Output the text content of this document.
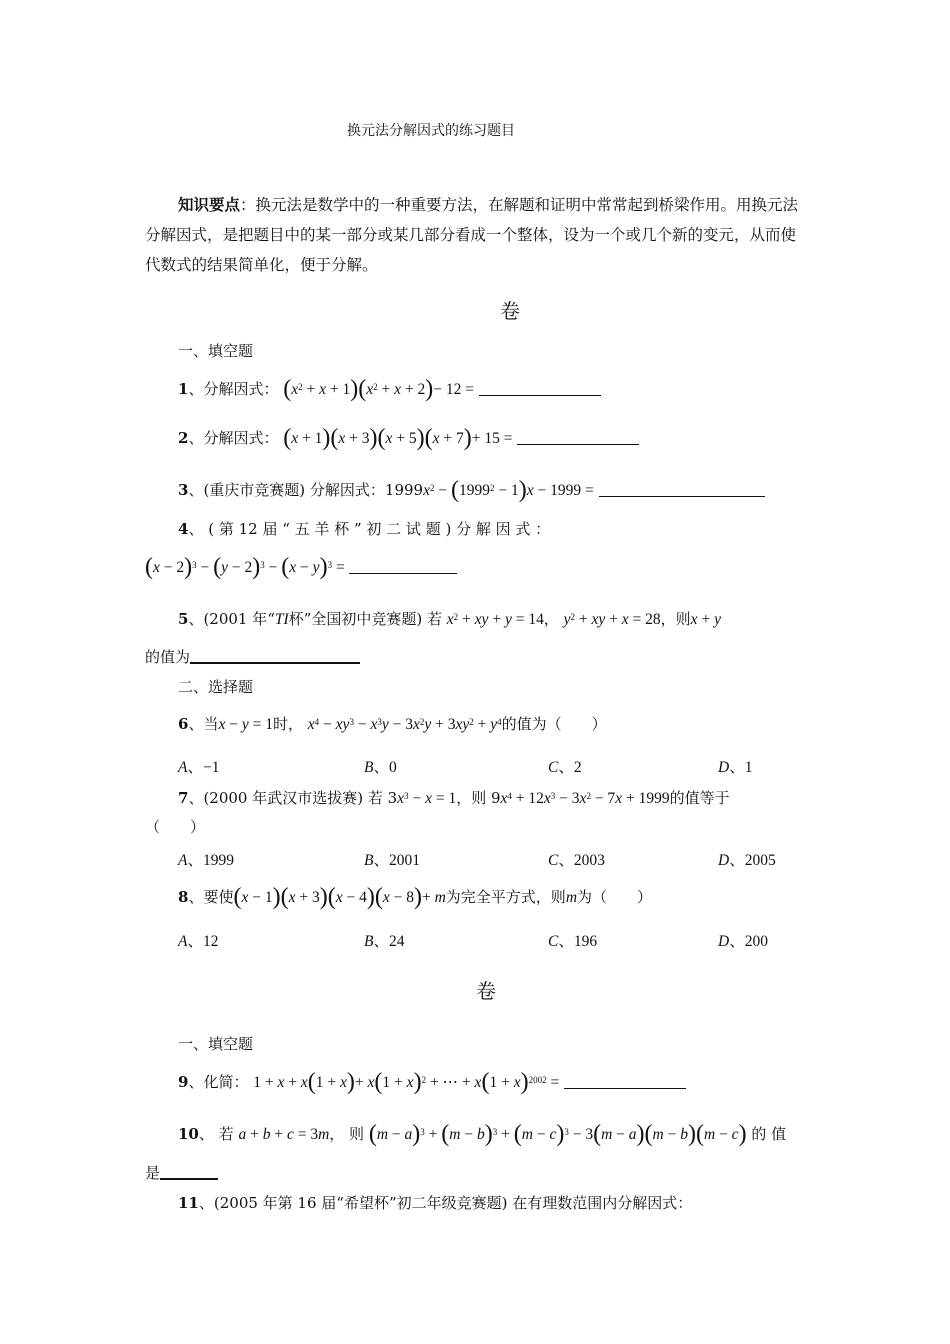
换元法分解因式的练习题目
知识要点：换元法是数学中的一种重要方法，在解题和证明中常常起到桥梁作用。用换元法分解因式，是把题目中的某一部分或某几部分看成一个整体，设为一个或几个新的变元，从而使代数式的结果简单化，便于分解。
卷
一、填空题
1、分解因式： $(x^2 + x + 1)(x^2 + x + 2)- 12$ =
2、分解因式： (x + 1)(x + 3)(x + 5)(x + 7)+ 15 =
3、(重庆市竞赛题) 分解因式：$1999x^2 - (1999^2 - 1)x - 1999$ =
4、 ( 第 12 届 “ 五 羊 杯 ” 初 二 试 题 ) 分 解 因 式 ：
$(x - 2)^3 - (y - 2)^3 - (x - y)^3$ =
5、(2001 年“TI杯”全国初中竞赛题) 若 $x^2$ + xy + y = 14， $y^2$ + xy + x = 28，则x + y
的值为
二、选择题
6、当x − y = 1时， $x^4 - xy^3 - x^3y - 3x^2y + 3xy^2 + y^4$的值为（　　）
A、−1	B、0	C、2	D、1
7、(2000 年武汉市选拔赛) 若 $3x^3 - x = 1$，则 $9x^4 + 12x^3 - 3x^2 - 7x + 1999$的值等于
（　　）
A、1999	B、2001	C、2003	D、2005
8、要使(x − 1)(x + 3)(x − 4)(x − 8)+ m为完全平方式，则m为（　　）
A、12	B、24	C、196	D、200
卷
一、填空题
9、化简： $1 + x + x(1 + x)+ x(1 + x)^2$ + ⋯ + $x(1 + x)^{2002}$ =
10、 若 a + b + c = 3m， 则 $(m - a)^3 + (m - b)^3 + (m - c)^3 - 3(m - a)(m - b)(m - c)$ 的 值
是
11、(2005 年第 16 届“希望杯”初二年级竞赛题) 在有理数范围内分解因式：
